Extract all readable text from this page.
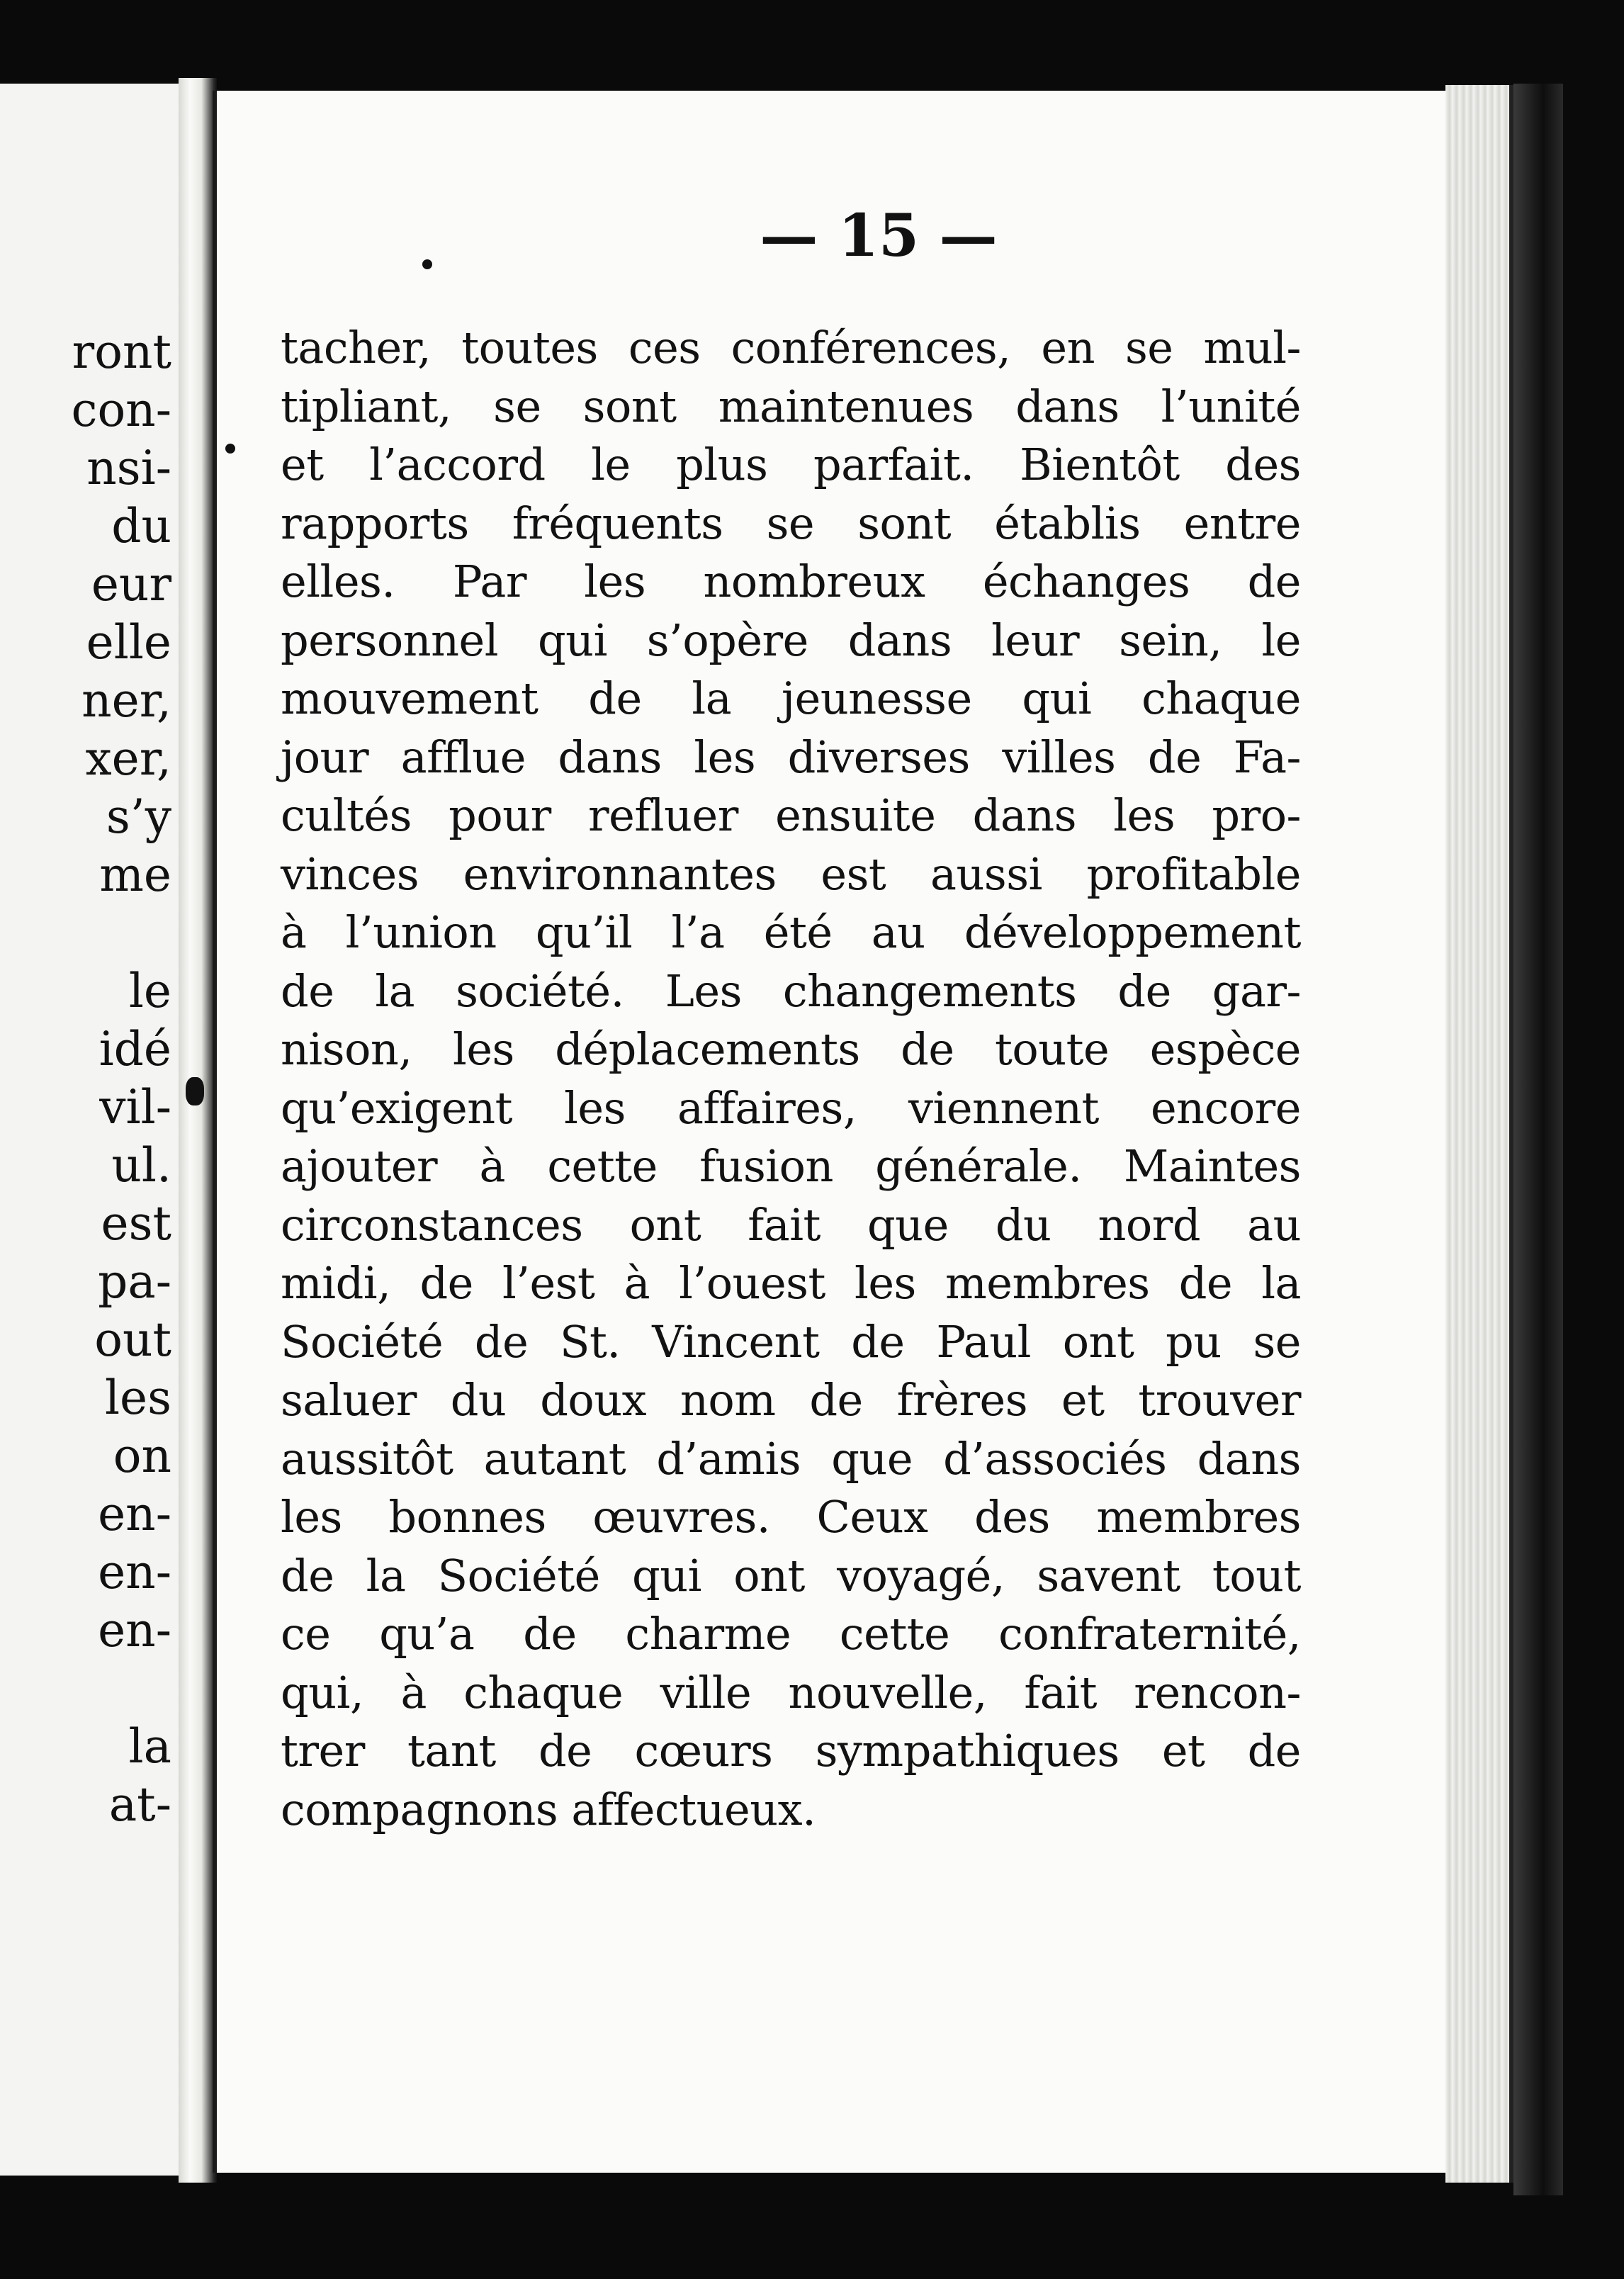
ront
con-
nsi-
du
eur
elle
ner,
xer,
s’y
me
le
idé
vil-
ul.
est
pa-
out
les
on
en-
en-
en-
la
at-
— 15 —
tacher, toutes ces conférences, en se mul-
tipliant, se sont maintenues dans l’unité
et l’accord le plus parfait. Bientôt des
rapports fréquents se sont établis entre
elles. Par les nombreux échanges de
personnel qui s’opère dans leur sein, le
mouvement de la jeunesse qui chaque
jour afflue dans les diverses villes de Fa-
cultés pour refluer ensuite dans les pro-
vinces environnantes est aussi profitable
à l’union qu’il l’a été au développement
de la société. Les changements de gar-
nison, les déplacements de toute espèce
qu’exigent les affaires, viennent encore
ajouter à cette fusion générale. Maintes
circonstances ont fait que du nord au
midi, de l’est à l’ouest les membres de la
Société de St. Vincent de Paul ont pu se
saluer du doux nom de frères et trouver
aussitôt autant d’amis que d’associés dans
les bonnes œuvres. Ceux des membres
de la Société qui ont voyagé, savent tout
ce qu’a de charme cette confraternité,
qui, à chaque ville nouvelle, fait rencon-
trer tant de cœurs sympathiques et de
compagnons affectueux.
